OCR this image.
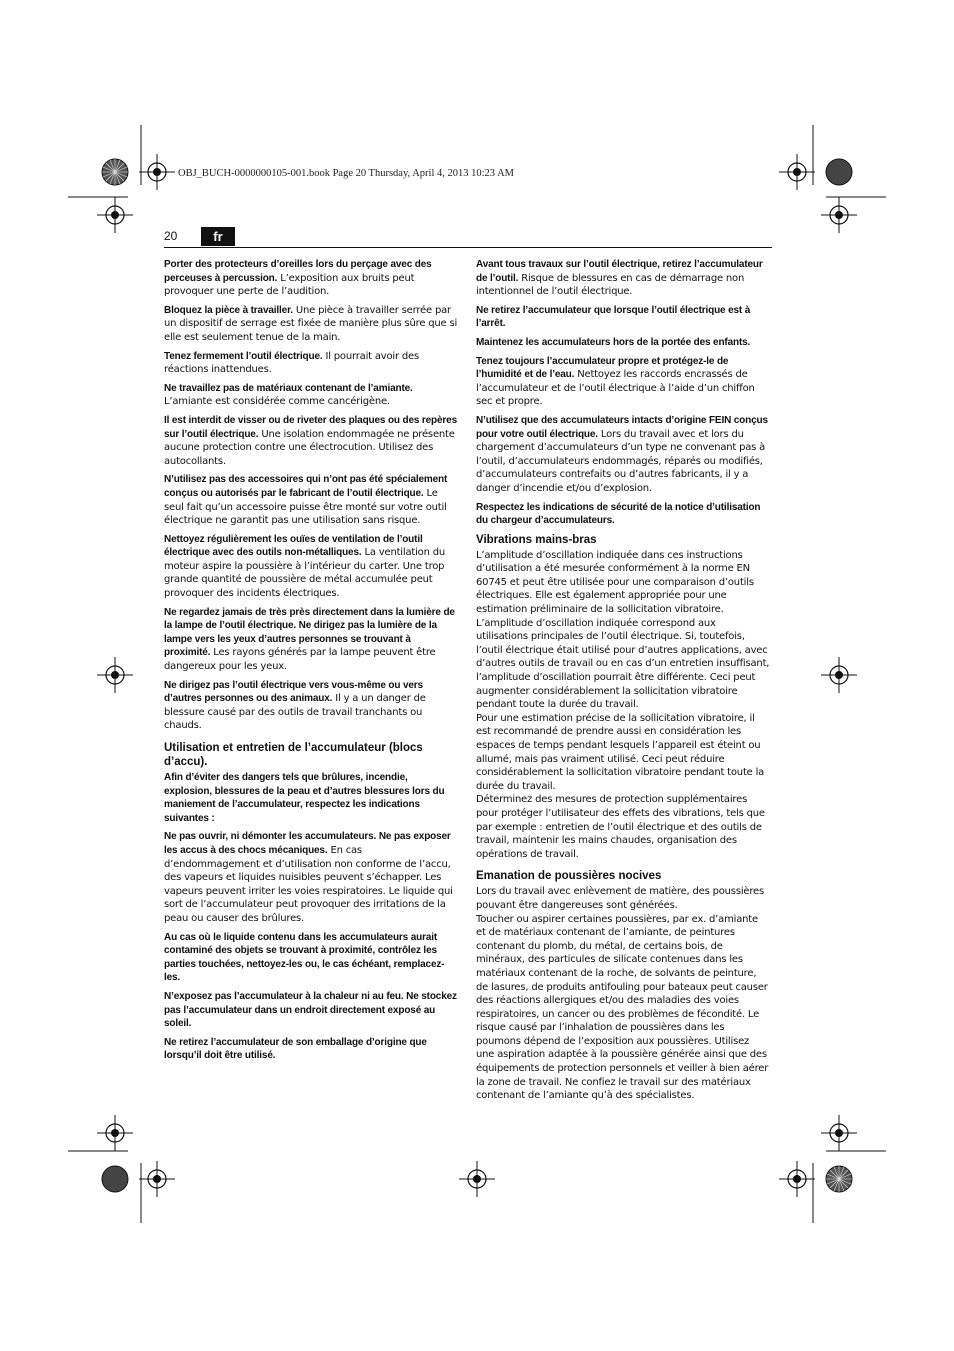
OBJ_BUCH-0000000105-001.book Page 20 Thursday, April 4, 2013 10:23 AM
20	fr

Porter des protecteurs d’oreilles lors du perçage avec des perceuses à percussion. L’exposition aux bruits peut provoquer une perte de l’audition.

Bloquez la pièce à travailler. Une pièce à travailler serrée par un dispositif de serrage est fixée de manière plus sûre que si elle est seulement tenue de la main.

Tenez fermement l’outil électrique. Il pourrait avoir des réactions inattendues.

Ne travaillez pas de matériaux contenant de l’amiante. L’amiante est considérée comme cancérigène.

Il est interdit de visser ou de riveter des plaques ou des repères sur l’outil électrique. Une isolation endommagée ne présente aucune protection contre une électrocution. Utilisez des autocollants.

N’utilisez pas des accessoires qui n’ont pas été spécialement conçus ou autorisés par le fabricant de l’outil électrique. Le seul fait qu’un accessoire puisse être monté sur votre outil électrique ne garantit pas une utilisation sans risque.

Nettoyez régulièrement les ouïes de ventilation de l’outil électrique avec des outils non-métalliques. La ventilation du moteur aspire la poussière à l’intérieur du carter. Une trop grande quantité de poussière de métal accumulée peut provoquer des incidents électriques.

Ne regardez jamais de très près directement dans la lumière de la lampe de l’outil électrique. Ne dirigez pas la lumière de la lampe vers les yeux d’autres personnes se trouvant à proximité. Les rayons générés par la lampe peuvent être dangereux pour les yeux.

Ne dirigez pas l’outil électrique vers vous-même ou vers d’autres personnes ou des animaux. Il y a un danger de blessure causé par des outils de travail tranchants ou chauds.

Utilisation et entretien de l’accumulateur (blocs d’accu).

Afin d’éviter des dangers tels que brûlures, incendie, explosion, blessures de la peau et d’autres blessures lors du maniement de l’accumulateur, respectez les indications suivantes :

Ne pas ouvrir, ni démonter les accumulateurs. Ne pas exposer les accus à des chocs mécaniques. En cas d’endommagement et d’utilisation non conforme de l’accu, des vapeurs et liquides nuisibles peuvent s’échapper. Les vapeurs peuvent irriter les voies respiratoires. Le liquide qui sort de l’accumulateur peut provoquer des irritations de la peau ou causer des brûlures.

Au cas où le liquide contenu dans les accumulateurs aurait contaminé des objets se trouvant à proximité, contrôlez les parties touchées, nettoyez-les ou, le cas échéant, remplacez-les.

N’exposez pas l’accumulateur à la chaleur ni au feu. Ne stockez pas l’accumulateur dans un endroit directement exposé au soleil.

Ne retirez l’accumulateur de son emballage d’origine que lorsqu’il doit être utilisé.

Avant tous travaux sur l’outil électrique, retirez l’accumulateur de l’outil. Risque de blessures en cas de démarrage non intentionnel de l’outil électrique.

Ne retirez l’accumulateur que lorsque l’outil électrique est à l’arrêt.

Maintenez les accumulateurs hors de la portée des enfants.

Tenez toujours l’accumulateur propre et protégez-le de l’humidité et de l’eau. Nettoyez les raccords encrassés de l’accumulateur et de l’outil électrique à l’aide d’un chiffon sec et propre.

N’utilisez que des accumulateurs intacts d’origine FEIN conçus pour votre outil électrique. Lors du travail avec et lors du chargement d’accumulateurs d’un type ne convenant pas à l’outil, d’accumulateurs endommagés, réparés ou modifiés, d’accumulateurs contrefaits ou d’autres fabricants, il y a danger d’incendie et/ou d’explosion.

Respectez les indications de sécurité de la notice d’utilisation du chargeur d’accumulateurs.

Vibrations mains-bras

L’amplitude d’oscillation indiquée dans ces instructions d’utilisation a été mesurée conformément à la norme EN 60745 et peut être utilisée pour une comparaison d’outils électriques. Elle est également appropriée pour une estimation préliminaire de la sollicitation vibratoire.

L’amplitude d’oscillation indiquée correspond aux utilisations principales de l’outil électrique. Si, toutefois, l’outil électrique était utilisé pour d’autres applications, avec d’autres outils de travail ou en cas d’un entretien insuffisant, l’amplitude d’oscillation pourrait être différente. Ceci peut augmenter considérablement la sollicitation vibratoire pendant toute la durée du travail.

Pour une estimation précise de la sollicitation vibratoire, il est recommandé de prendre aussi en considération les espaces de temps pendant lesquels l’appareil est éteint ou allumé, mais pas vraiment utilisé. Ceci peut réduire considérablement la sollicitation vibratoire pendant toute la durée du travail.

Déterminez des mesures de protection supplémentaires pour protéger l’utilisateur des effets des vibrations, tels que par exemple : entretien de l’outil électrique et des outils de travail, maintenir les mains chaudes, organisation des opérations de travail.

Emanation de poussières nocives

Lors du travail avec enlèvement de matière, des poussières pouvant être dangereuses sont générées.

Toucher ou aspirer certaines poussières, par ex. d’amiante et de matériaux contenant de l’amiante, de peintures contenant du plomb, du métal, de certains bois, de minéraux, des particules de silicate contenues dans les matériaux contenant de la roche, de solvants de peinture, de lasures, de produits antifouling pour bateaux peut causer des réactions allergiques et/ou des maladies des voies respiratoires, un cancer ou des problèmes de fécondité. Le risque causé par l’inhalation de poussières dans les poumons dépend de l’exposition aux poussières. Utilisez une aspiration adaptée à la poussière générée ainsi que des équipements de protection personnels et veiller à bien aérer la zone de travail. Ne confiez le travail sur des matériaux contenant de l’amiante qu’à des spécialistes.
